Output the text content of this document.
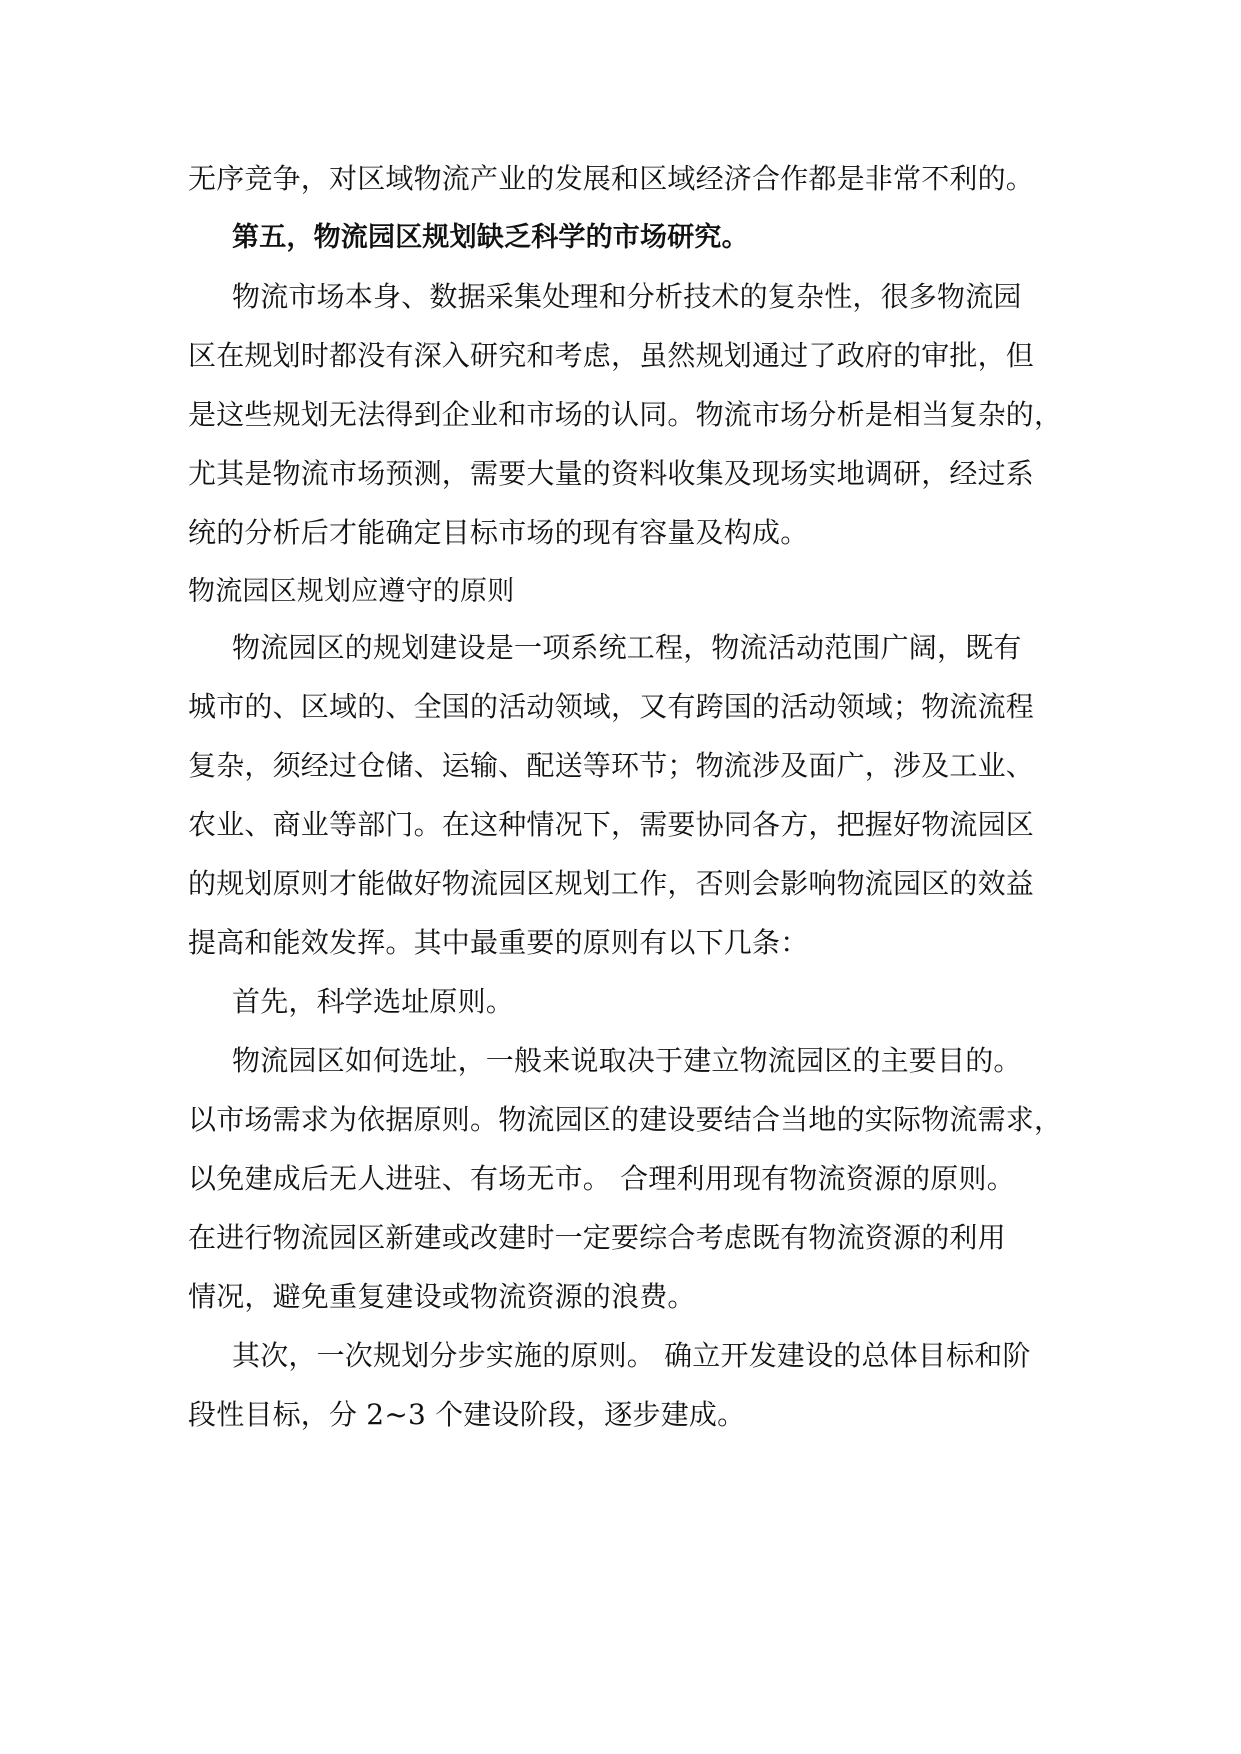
无序竞争，对区域物流产业的发展和区域经济合作都是非常不利的。
第五，物流园区规划缺乏科学的市场研究。
物流市场本身、数据采集处理和分析技术的复杂性，很多物流园
区在规划时都没有深入研究和考虑，虽然规划通过了政府的审批，但
是这些规划无法得到企业和市场的认同。物流市场分析是相当复杂的，
尤其是物流市场预测，需要大量的资料收集及现场实地调研，经过系
统的分析后才能确定目标市场的现有容量及构成。
物流园区规划应遵守的原则
物流园区的规划建设是一项系统工程，物流活动范围广阔，既有
城市的、区域的、全国的活动领域，又有跨国的活动领域；物流流程
复杂，须经过仓储、运输、配送等环节；物流涉及面广，涉及工业、
农业、商业等部门。在这种情况下，需要协同各方，把握好物流园区
的规划原则才能做好物流园区规划工作，否则会影响物流园区的效益
提高和能效发挥。其中最重要的原则有以下几条：
首先，科学选址原则。
物流园区如何选址，一般来说取决于建立物流园区的主要目的。
以市场需求为依据原则。物流园区的建设要结合当地的实际物流需求，
以免建成后无人进驻、有场无市。 合理利用现有物流资源的原则。
在进行物流园区新建或改建时一定要综合考虑既有物流资源的利用
情况，避免重复建设或物流资源的浪费。
其次，一次规划分步实施的原则。 确立开发建设的总体目标和阶
段性目标，分 2~3 个建设阶段，逐步建成。
